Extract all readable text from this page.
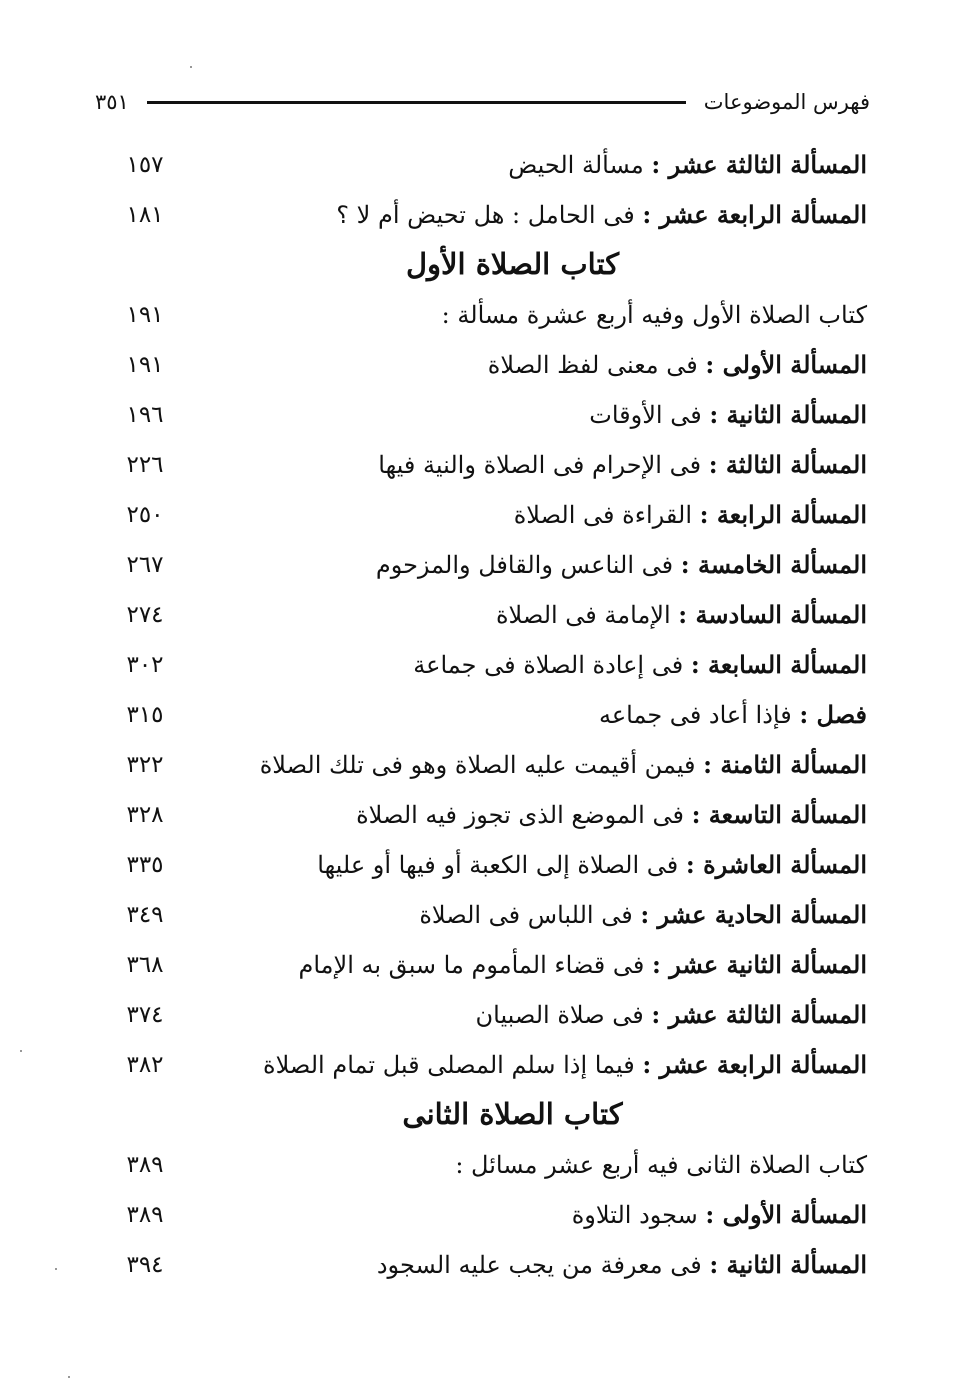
فهرس الموضوعات
٣٥١
المسألة الثالثة عشر : مسألة الحيض
١٥٧
المسألة الرابعة عشر : فى الحامل : هل تحيض أم لا ؟
١٨١
كتاب الصلاة الأول
كتاب الصلاة الأول وفيه أربع عشرة مسألة :
١٩١
المسألة الأولى : فى معنى لفظ الصلاة
١٩١
المسألة الثانية : فى الأوقات
١٩٦
المسألة الثالثة : فى الإحرام فى الصلاة والنية فيها
٢٢٦
المسألة الرابعة : القراءة فى الصلاة
٢٥٠
المسألة الخامسة : فى الناعس والقافل والمزحوم
٢٦٧
المسألة السادسة : الإمامة فى الصلاة
٢٧٤
المسألة السابعة : فى إعادة الصلاة فى جماعة
٣٠٢
فصل : فإذا أعاد فى جماعه
٣١٥
المسألة الثامنة : فيمن أقيمت عليه الصلاة وهو فى تلك الصلاة
٣٢٢
المسألة التاسعة : فى الموضع الذى تجوز فيه الصلاة
٣٢٨
المسألة العاشرة : فى الصلاة إلى الكعبة أو فيها أو عليها
٣٣٥
المسألة الحادية عشر : فى اللباس فى الصلاة
٣٤٩
المسألة الثانية عشر : فى قضاء المأموم ما سبق به الإمام
٣٦٨
المسألة الثالثة عشر : فى صلاة الصبيان
٣٧٤
المسألة الرابعة عشر : فيما إذا سلم المصلى قبل تمام الصلاة
٣٨٢
كتاب الصلاة الثانى
كتاب الصلاة الثانى فيه أربع عشر مسائل :
٣٨٩
المسألة الأولى : سجود التلاوة
٣٨٩
المسألة الثانية : فى معرفة من يجب عليه السجود
٣٩٤
